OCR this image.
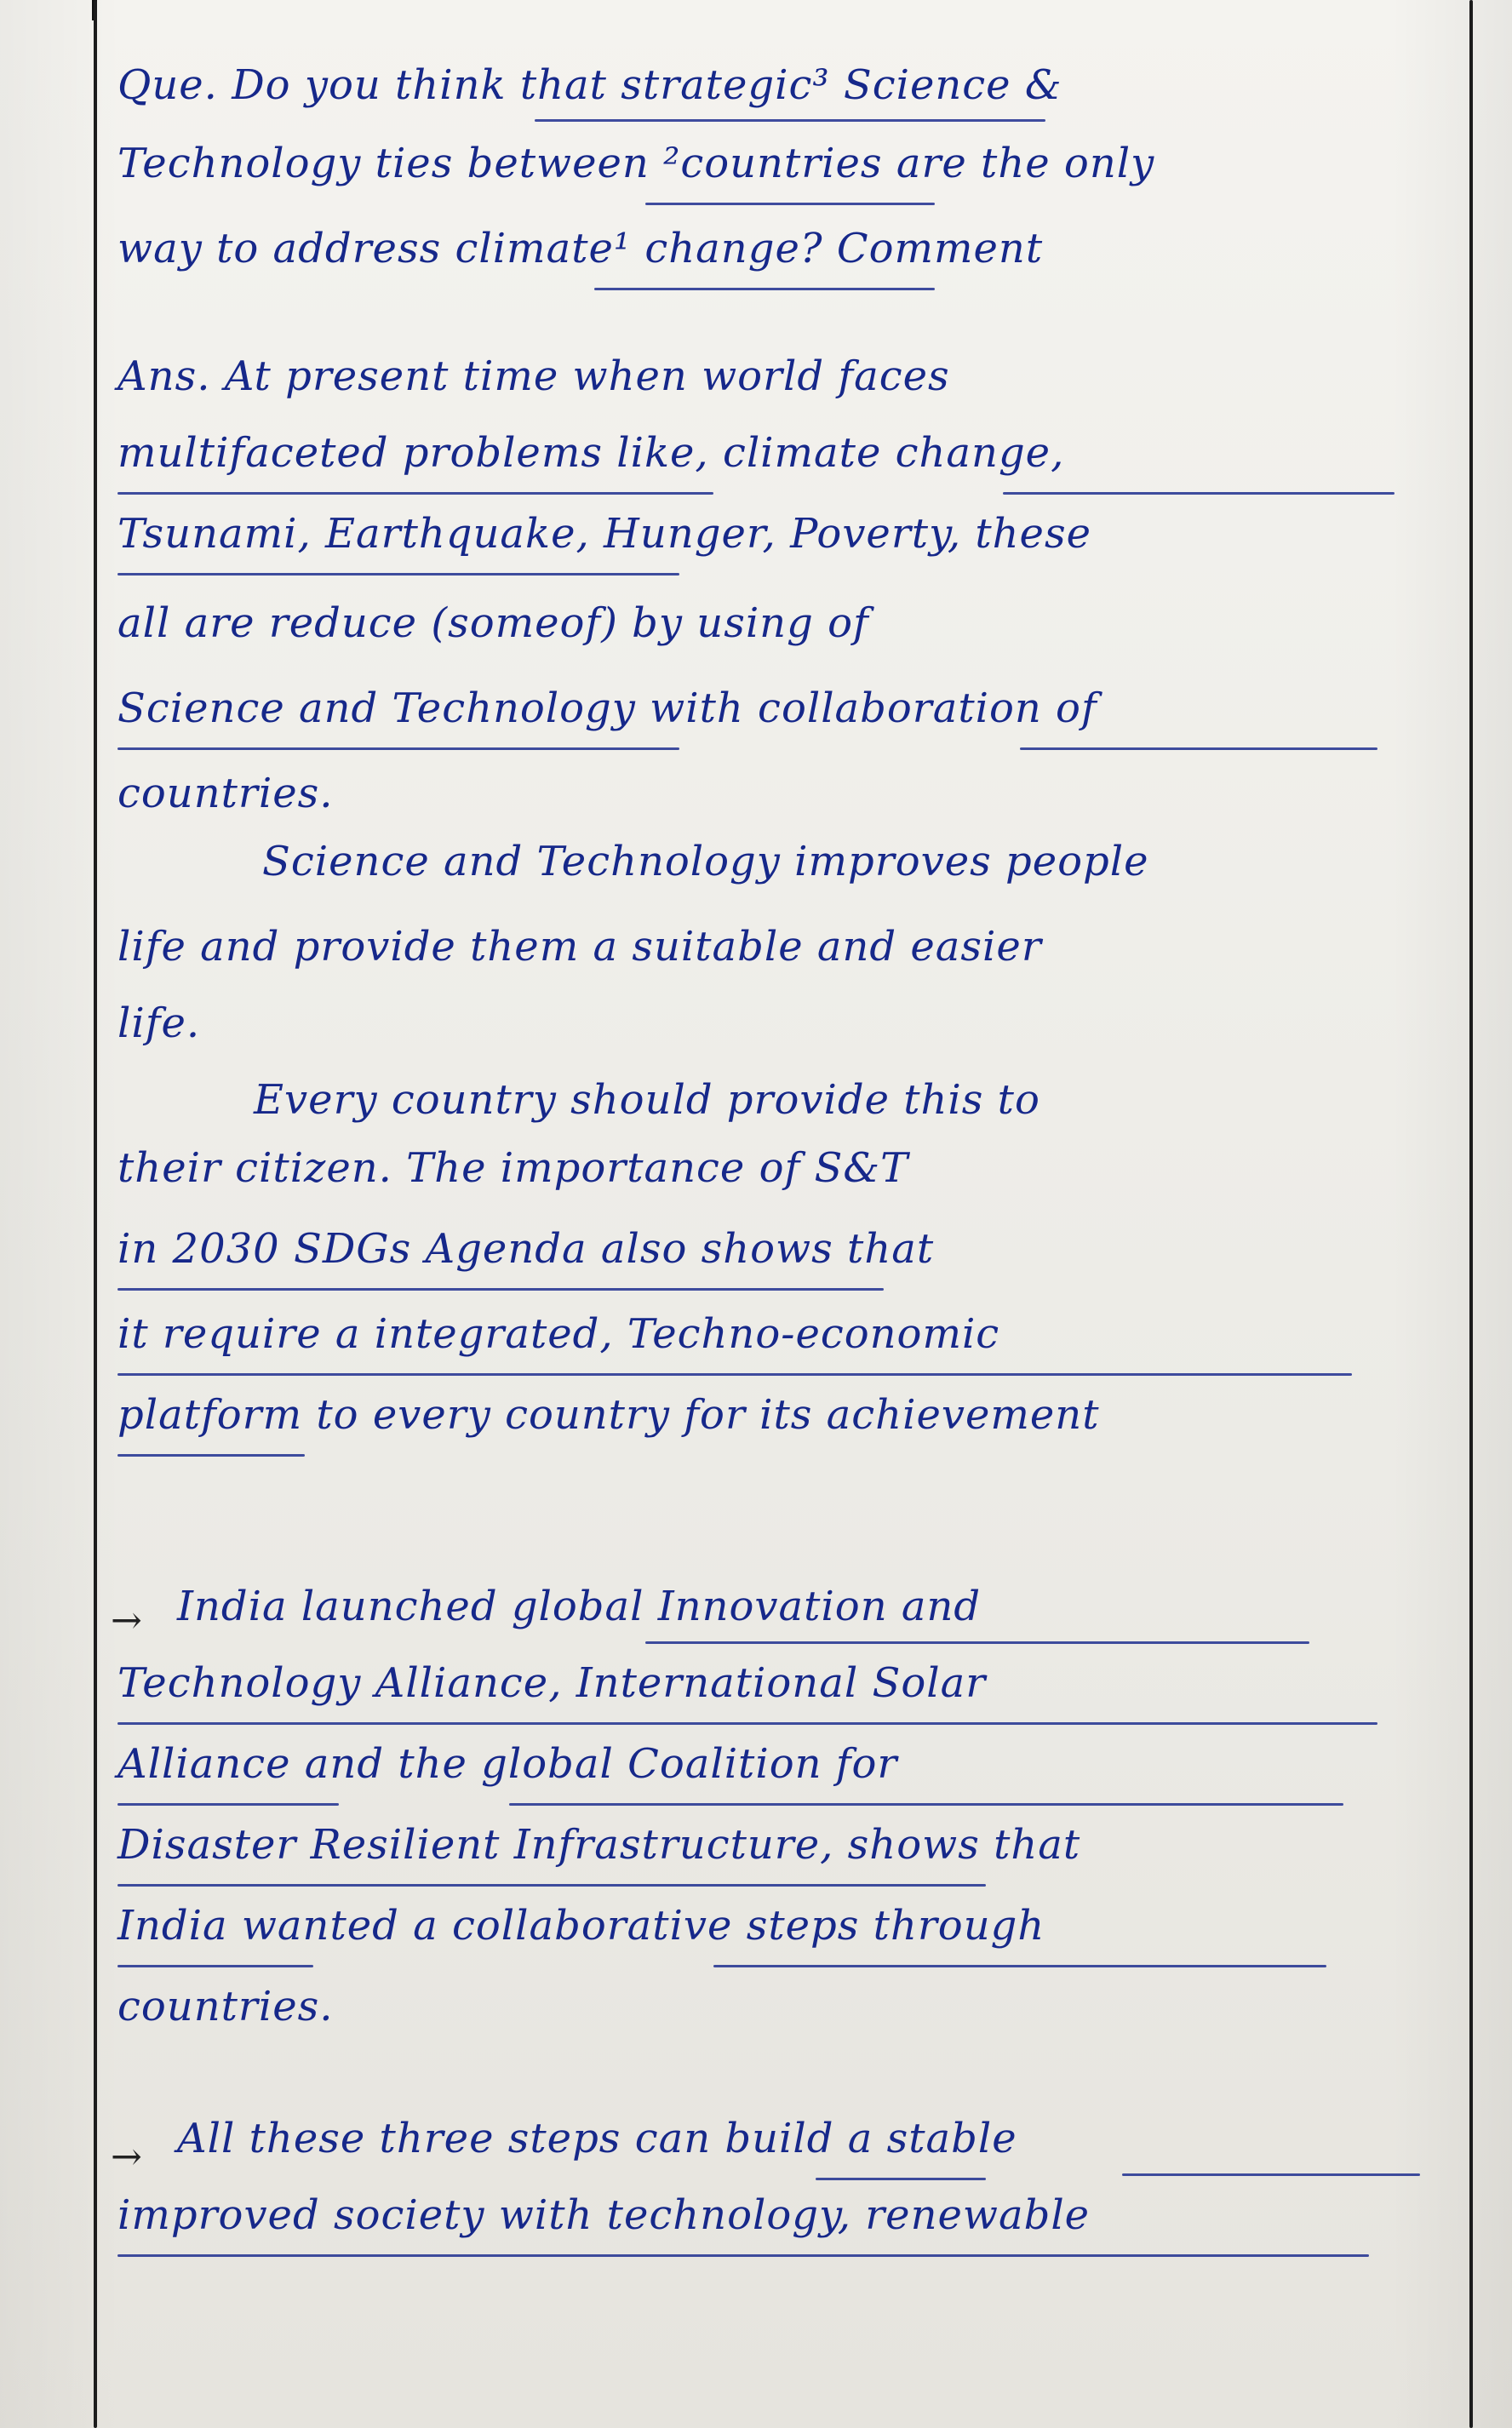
Que. Do you think that strategic³ Science &
Technology ties between ²countries are the only
way to address climate¹ change? Comment
Ans. At present time when world faces
multifaceted problems like, climate change,
Tsunami, Earthquake, Hunger, Poverty, these
all are reduce (someof) by using of
Science and Technology with collaboration of
countries.
Science and Technology improves people
life and provide them a suitable and easier
life.
Every country should provide this to
their citizen. The importance of S&T
in 2030 SDGs Agenda also shows that
it require a integrated, Techno-economic
platform to every country for its achievement
→ India launched global Innovation and
Technology Alliance, International Solar
Alliance and the global Coalition for
Disaster Resilient Infrastructure, shows that
India wanted a collaborative steps through
countries.
→ All these three steps can build a stable
improved society with technology, renewable
